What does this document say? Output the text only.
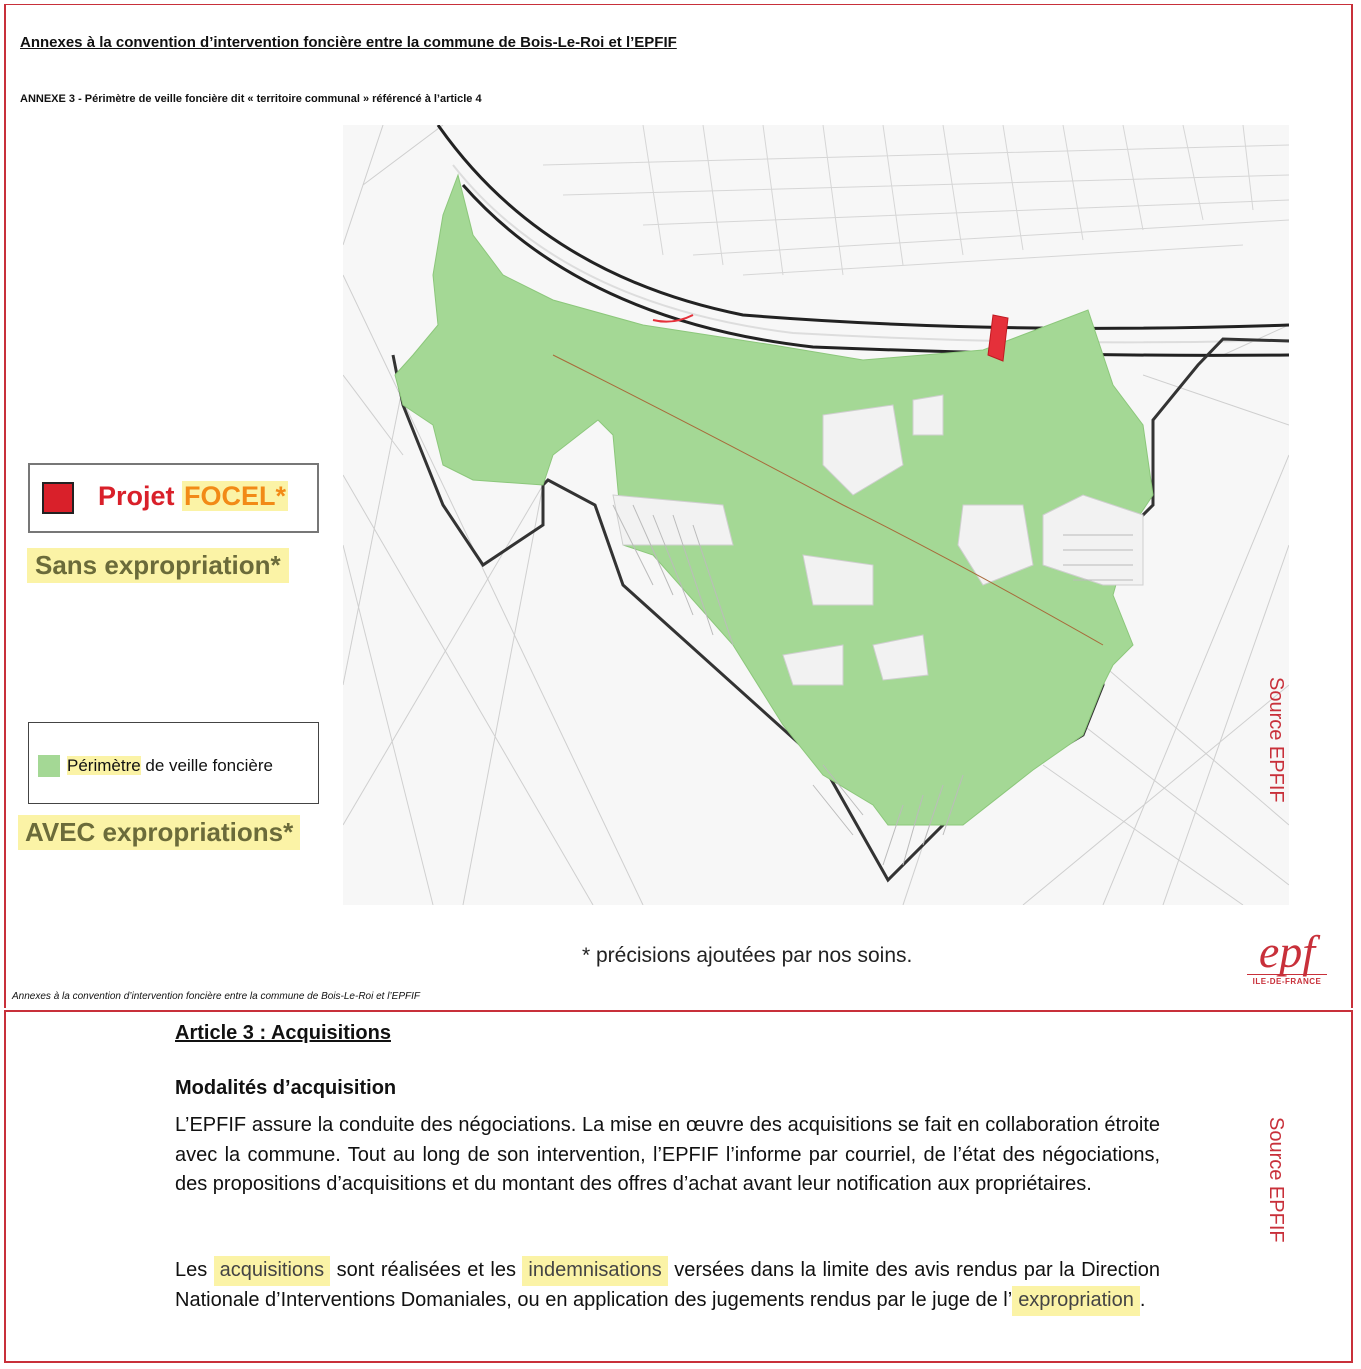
Annexes à la convention d’intervention foncière entre la commune de Bois-Le-Roi et l’EPFIF
ANNEXE 3 - Périmètre de veille foncière dit « territoire communal » référencé à l’article 4
Projet FOCEL*
Sans expropriation*
Périmètre de veille foncière
AVEC expropriations*
Source EPFIF
Source EPFIF
* précisions ajoutées par nos soins.	epf
ILE-DE-FRANCE
Annexes à la convention d’intervention foncière entre la commune de Bois-Le-Roi et l’EPFIF
Article 3 : Acquisitions
Modalités d’acquisition
L’EPFIF assure la conduite des négociations. La mise en œuvre des acquisitions se fait en collaboration étroite avec la commune. Tout au long de son intervention, l’EPFIF l’informe par courriel, de l’état des négociations, des propositions d’acquisitions et du montant des offres d’achat avant leur notification aux propriétaires.
Les acquisitions sont réalisées et les indemnisations versées dans la limite des avis rendus par la Direction Nationale d’Interventions Domaniales, ou en application des jugements rendus par le juge de l’ expropriation .
